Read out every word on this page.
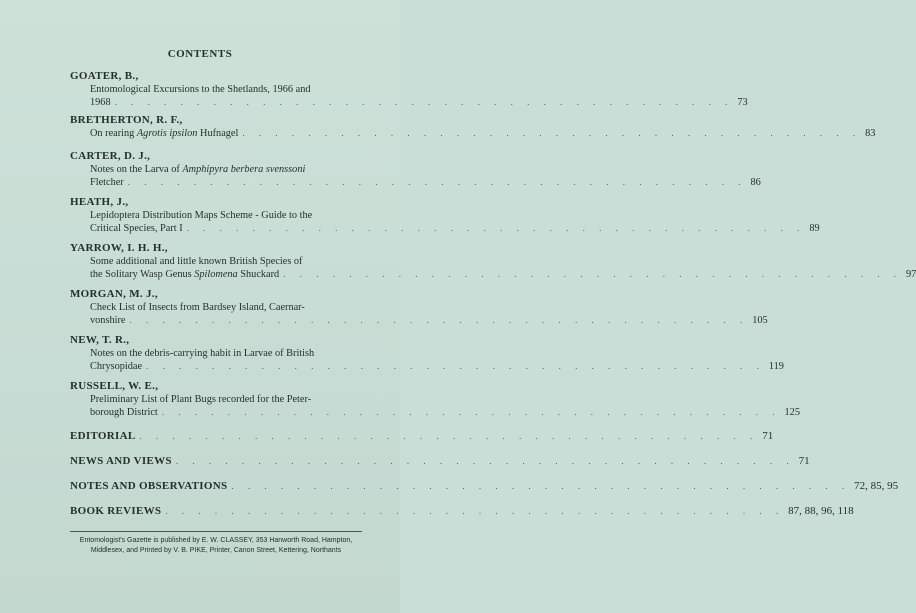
CONTENTS
GOATER, B.,
Entomological Excursions to the Shetlands, 1966 and
1968 . . . . . . . . . . . . . . . . . . . . . . . . . . . . . . . . . . . . . . 73
BRETHERTON, R. F.,
On rearing Agrotis ipsilon Hufnagel . . . . . . . . . . . . . . . . . . . . . . . . . . . . . . . . . . . . . . 83
CARTER, D. J.,
Notes on the Larva of Amphipyra berbera svenssoni
Fletcher . . . . . . . . . . . . . . . . . . . . . . . . . . . . . . . . . . . . . . 86
HEATH, J.,
Lepidoptera Distribution Maps Scheme - Guide to the
Critical Species, Part I . . . . . . . . . . . . . . . . . . . . . . . . . . . . . . . . . . . . . . 89
YARROW, I. H. H.,
Some additional and little known British Species of
the Solitary Wasp Genus Spilomena Shuckard . . . . . . . . . . . . . . . . . . . . . . . . . . . . . . . . . . . . . . 97
MORGAN, M. J.,
Check List of Insects from Bardsey Island, Caernar-
vonshire . . . . . . . . . . . . . . . . . . . . . . . . . . . . . . . . . . . . . . 105
NEW, T. R.,
Notes on the debris-carrying habit in Larvae of British
Chrysopidae . . . . . . . . . . . . . . . . . . . . . . . . . . . . . . . . . . . . . . 119
RUSSELL, W. E.,
Preliminary List of Plant Bugs recorded for the Peter-
borough District . . . . . . . . . . . . . . . . . . . . . . . . . . . . . . . . . . . . . . 125
EDITORIAL . . . . . . . . . . . . . . . . . . . . . . . . . . . . . . . . . . . . . . 71
NEWS AND VIEWS . . . . . . . . . . . . . . . . . . . . . . . . . . . . . . . . . . . . . . 71
NOTES AND OBSERVATIONS . . . . . . . . . . . . . . . . . . . . . . . . . . . . . . . . . . . . . . 72, 85, 95
BOOK REVIEWS . . . . . . . . . . . . . . . . . . . . . . . . . . . . . . . . . . . . . . 87, 88, 96, 118
Entomologist's Gazette is published by E. W. CLASSEY, 353 Hanworth Road, Hampton,
Middlesex, and Printed by V. B. PIKE, Printer, Canon Street, Kettering, Northants
